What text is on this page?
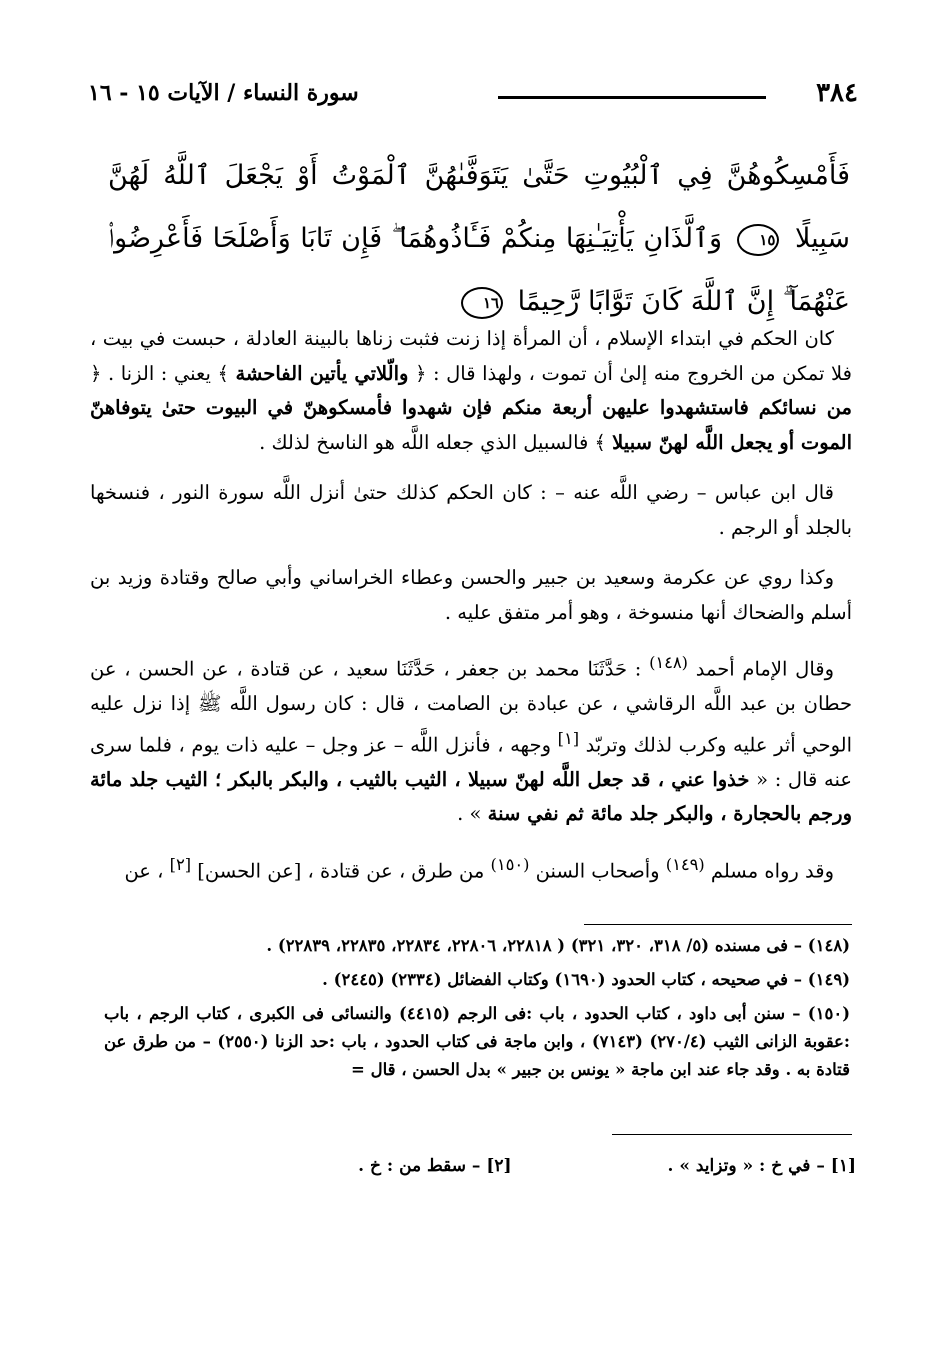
٣٨٤
سورة النساء / الآيات ١٥ - ١٦
فَأَمْسِكُوهُنَّ فِي ٱلْبُيُوتِ حَتَّىٰ يَتَوَفَّىٰهُنَّ ٱلْمَوْتُ أَوْ يَجْعَلَ ٱللَّهُ لَهُنَّ سَبِيلًا ١٥ وَٱلَّذَانِ يَأْتِيَـٰنِهَا مِنكُمْ فَـَٔاذُوهُمَا ۖ فَإِن تَابَا وَأَصْلَحَا فَأَعْرِضُوا۟ عَنْهُمَآ ۗ إِنَّ ٱللَّهَ كَانَ تَوَّابًا رَّحِيمًا ١٦

كان الحكم في ابتداء الإسلام ، أن المرأة إذا زنت فثبت زناها بالبينة العادلة ، حبست في بيت ، فلا تمكن من الخروج منه إلىٰ أن تموت ، ولهذا قال : ﴿ والّلاتي يأتين الفاحشة ﴾ يعني : الزنا . ﴿ من نسائكم فاستشهدوا عليهن أربعة منكم فإن شهدوا فأمسكوهنّ في البيوت حتىٰ يتوفاهنّ الموت أو يجعل اللَّه لهنّ سبيلا ﴾ فالسبيل الذي جعله اللَّه هو الناسخ لذلك .

قال ابن عباس – رضي اللَّه عنه – : كان الحكم كذلك حتىٰ أنزل اللَّه سورة النور ، فنسخها بالجلد أو الرجم .

وكذا روي عن عكرمة وسعيد بن جبير والحسن وعطاء الخراساني وأبي صالح وقتادة وزيد بن أسلم والضحاك أنها منسوخة ، وهو أمر متفق عليه .

وقال الإمام أحمد $^{(١٤٨)}$ : حَدَّثَنَا محمد بن جعفر ، حَدَّثَنَا سعيد ، عن قتادة ، عن الحسن ، عن حطان بن عبد اللَّه الرقاشي ، عن عبادة بن الصامت ، قال : كان رسول اللَّه ﷺ إذا نزل عليه الوحي أثر عليه وكرب لذلك وتربّد [١] وجهه ، فأنزل اللَّه – عز وجل – عليه ذات يوم ، فلما سرى عنه قال : « خذوا عني ، قد جعل اللَّه لهنّ سبيلا ، الثيب بالثيب ، والبكر بالبكر ؛ الثيب جلد مائة ورجم بالحجارة ، والبكر جلد مائة ثم نفي سنة » .

وقد رواه مسلم $^{(١٤٩)}$ وأصحاب السنن $^{(١٥٠)}$ من طرق ، عن قتادة ، [عن الحسن] [٢] ، عن

(١٤٨) – فى مسنده (٥/ ٣١٨، ٣٢٠، ٣٢١) ( ٢٢٨١٨، ٢٢٨٠٦، ٢٢٨٣٤، ٢٢٨٣٥، ٢٢٨٣٩) .

(١٤٩) – في صحيحه ، كتاب الحدود (١٦٩٠) وكتاب الفضائل (٢٣٣٤) (٢٤٤٥) .

(١٥٠) – سنن أبى داود ، كتاب الحدود ، باب :فى الرجم (٤٤١٥) والنسائى فى الكبرى ، كتاب الرجم ، باب :عقوبة الزانى الثيب (٢٧٠/٤) (٧١٤٣) ، وابن ماجة فى كتاب الحدود ، باب :حد الزنا (٢٥٥٠) – من طرق عن قتادة به . وقد جاء عند ابن ماجة « يونس بن جبير » بدل الحسن ، قال =

[١] – في خ : « وتزايد » . [٢] – سقط من : خ .
